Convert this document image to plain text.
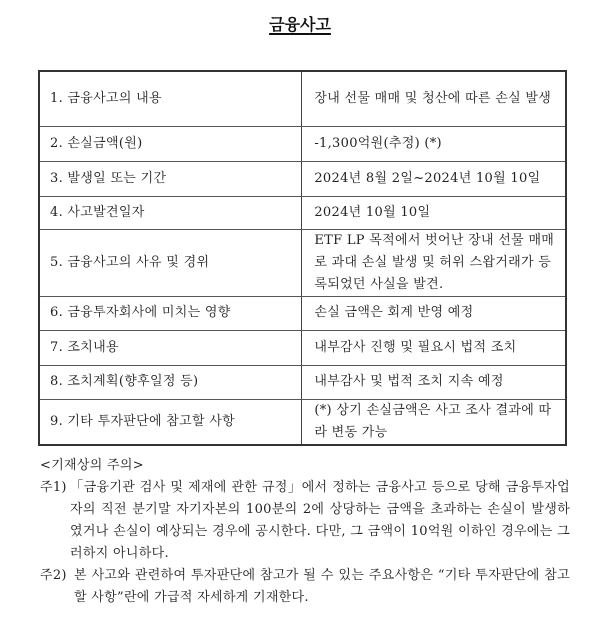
금융사고
1. 금융사고의 내용	장내 선물 매매 및 청산에 따른 손실 발생
2. 손실금액(원)	-1,300억원(추정) (*)
3. 발생일 또는 기간	2024년 8월 2일~2024년 10월 10일
4. 사고발견일자	2024년 10월 10일
5. 금융사고의 사유 및 경위	ETF LP 목적에서 벗어난 장내 선물 매매로 과대 손실 발생 및 허위 스왑거래가 등록되었던 사실을 발견.
6. 금융투자회사에 미치는 영향	손실 금액은 회계 반영 예정
7. 조치내용	내부감사 진행 및 필요시 법적 조치
8. 조치계획(향후일정 등)	내부감사 및 법적 조치 지속 예정
9. 기타 투자판단에 참고할 사항	(*) 상기 손실금액은 사고 조사 결과에 따라 변동 가능

<기재상의 주의>

주1) 「금융기관 검사 및 제재에 관한 규정」에서 정하는 금융사고 등으로 당해 금융투자업자의 직전 분기말 자기자본의 100분의 2에 상당하는 금액을 초과하는 손실이 발생하였거나 손실이 예상되는 경우에 공시한다. 다만, 그 금액이 10억원 이하인 경우에는 그러하지 아니하다.
주2) 본 사고와 관련하여 투자판단에 참고가 될 수 있는 주요사항은 “기타 투자판단에 참고할 사항”란에 가급적 자세하게 기재한다.
